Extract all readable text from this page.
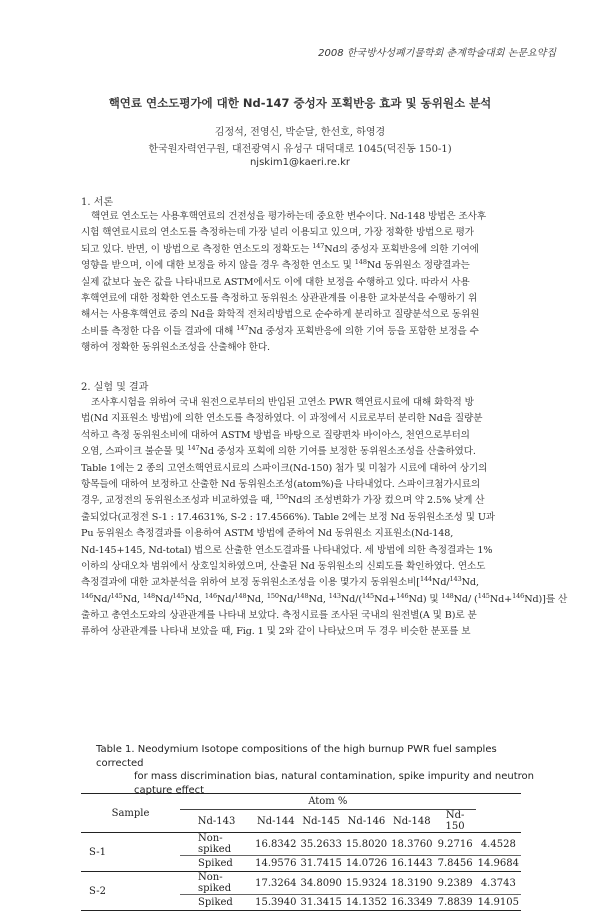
2008 한국방사성폐기물학회 춘계학술대회 논문요약집
핵연료 연소도평가에 대한 Nd-147 중성자 포획반응 효과 및 동위원소 분석
김정석, 전영신, 박순달, 한선호, 하영경
한국원자력연구원, 대전광역시 유성구 대덕대로 1045(덕진동 150-1)
njskim1@kaeri.re.kr
1. 서론
핵연료 연소도는 사용후핵연료의 건전성을 평가하는데 중요한 변수이다. Nd-148 방법은 조사후
시험 핵연료시료의 연소도를 측정하는데 가장 널리 이용되고 있으며, 가장 정확한 방법으로 평가
되고 있다. 반면, 이 방법으로 측정한 연소도의 정확도는 $^{147}$Nd의 중성자 포획반응에 의한 기여에
영향을 받으며, 이에 대한 보정을 하지 않을 경우 측정한 연소도 및 $^{148}$Nd 동위원소 정량결과는
실제 값보다 높은 값을 나타내므로 ASTM에서도 이에 대한 보정을 수행하고 있다. 따라서 사용
후핵연료에 대한 정확한 연소도를 측정하고 동위원소 상관관계를 이용한 교차분석을 수행하기 위
해서는 사용후핵연료 중의 Nd을 화학적 전처리방법으로 순수하게 분리하고 질량분석으로 동위원
소비를 측정한 다음 이들 결과에 대해 $^{147}$Nd 중성자 포획반응에 의한 기여 등을 포함한 보정을 수
행하여 정확한 동위원소조성을 산출해야 한다.
2. 실험 및 결과
조사후시험을 위하여 국내 원전으로부터의 반입된 고연소 PWR 핵연료시료에 대해 화학적 방
법(Nd 지표원소 방법)에 의한 연소도를 측정하였다. 이 과정에서 시료로부터 분리한 Nd을 질량분
석하고 측정 동위원소비에 대하여 ASTM 방법을 바탕으로 질량편차 바이아스, 천연으로부터의
오염, 스파이크 불순물 및 $^{147}$Nd 중성자 포획에 의한 기여를 보정한 동위원소조성을 산출하였다.
Table 1에는 2 종의 고연소핵연료시료의 스파이크(Nd-150) 첨가 및 미첨가 시료에 대하여 상기의
항목들에 대하여 보정하고 산출한 Nd 동위원소조성(atom%)을 나타내었다. 스파이크첨가시료의
경우, 교정전의 동위원소조성과 비교하였을 때, $^{150}$Nd의 조성변화가 가장 컸으며 약 2.5% 낮게 산
출되었다(교정전 S-1 : 17.4631%, S-2 : 17.4566%). Table 2에는 보정 Nd 동위원소조성 및 U과
Pu 동위원소 측정결과를 이용하여 ASTM 방법에 준하여 Nd 동위원소 지표원소(Nd-148,
Nd-145+145, Nd-total) 법으로 산출한 연소도결과를 나타내었다. 세 방법에 의한 측정결과는 1%
이하의 상대오차 범위에서 상호일치하였으며, 산출된 Nd 동위원소의 신뢰도를 확인하였다. 연소도
측정결과에 대한 교차분석을 위하여 보정 동위원소조성을 이용 몇가지 동위원소비[$^{144}$Nd/$^{143}$Nd,
$^{146}$Nd/$^{145}$Nd, $^{148}$Nd/$^{145}$Nd, $^{146}$Nd/$^{148}$Nd, $^{150}$Nd/$^{148}$Nd, $^{143}$Nd/($^{145}$Nd+$^{146}$Nd) 및 $^{148}$Nd/ ($^{145}$Nd+$^{146}$Nd)]를 산
출하고 총연소도와의 상관관계를 나타내 보았다. 측정시료를 조사된 국내의 원전별(A 및 B)로 분
류하여 상관관계를 나타내 보았을 때, Fig. 1 및 2와 같이 나타났으며 두 경우 비슷한 분포를 보
Table 1. Neodymium Isotope compositions of the high burnup PWR fuel samples corrected
for mass discrimination bias, natural contamination, spike impurity and neutron
capture effect
Sample	Atom %						
	Nd-143	Nd-144	Nd-145	Nd-146	Nd-148	Nd-150	
S-1	Non-spiked	16.8342	35.2633	15.8020	18.3760	9.2716	4.4528
	Spiked	14.9576	31.7415	14.0726	16.1443	7.8456	14.9684
S-2	Non-spiked	17.3264	34.8090	15.9324	18.3190	9.2389	4.3743
	Spiked	15.3940	31.3415	14.1352	16.3349	7.8839	14.9105
